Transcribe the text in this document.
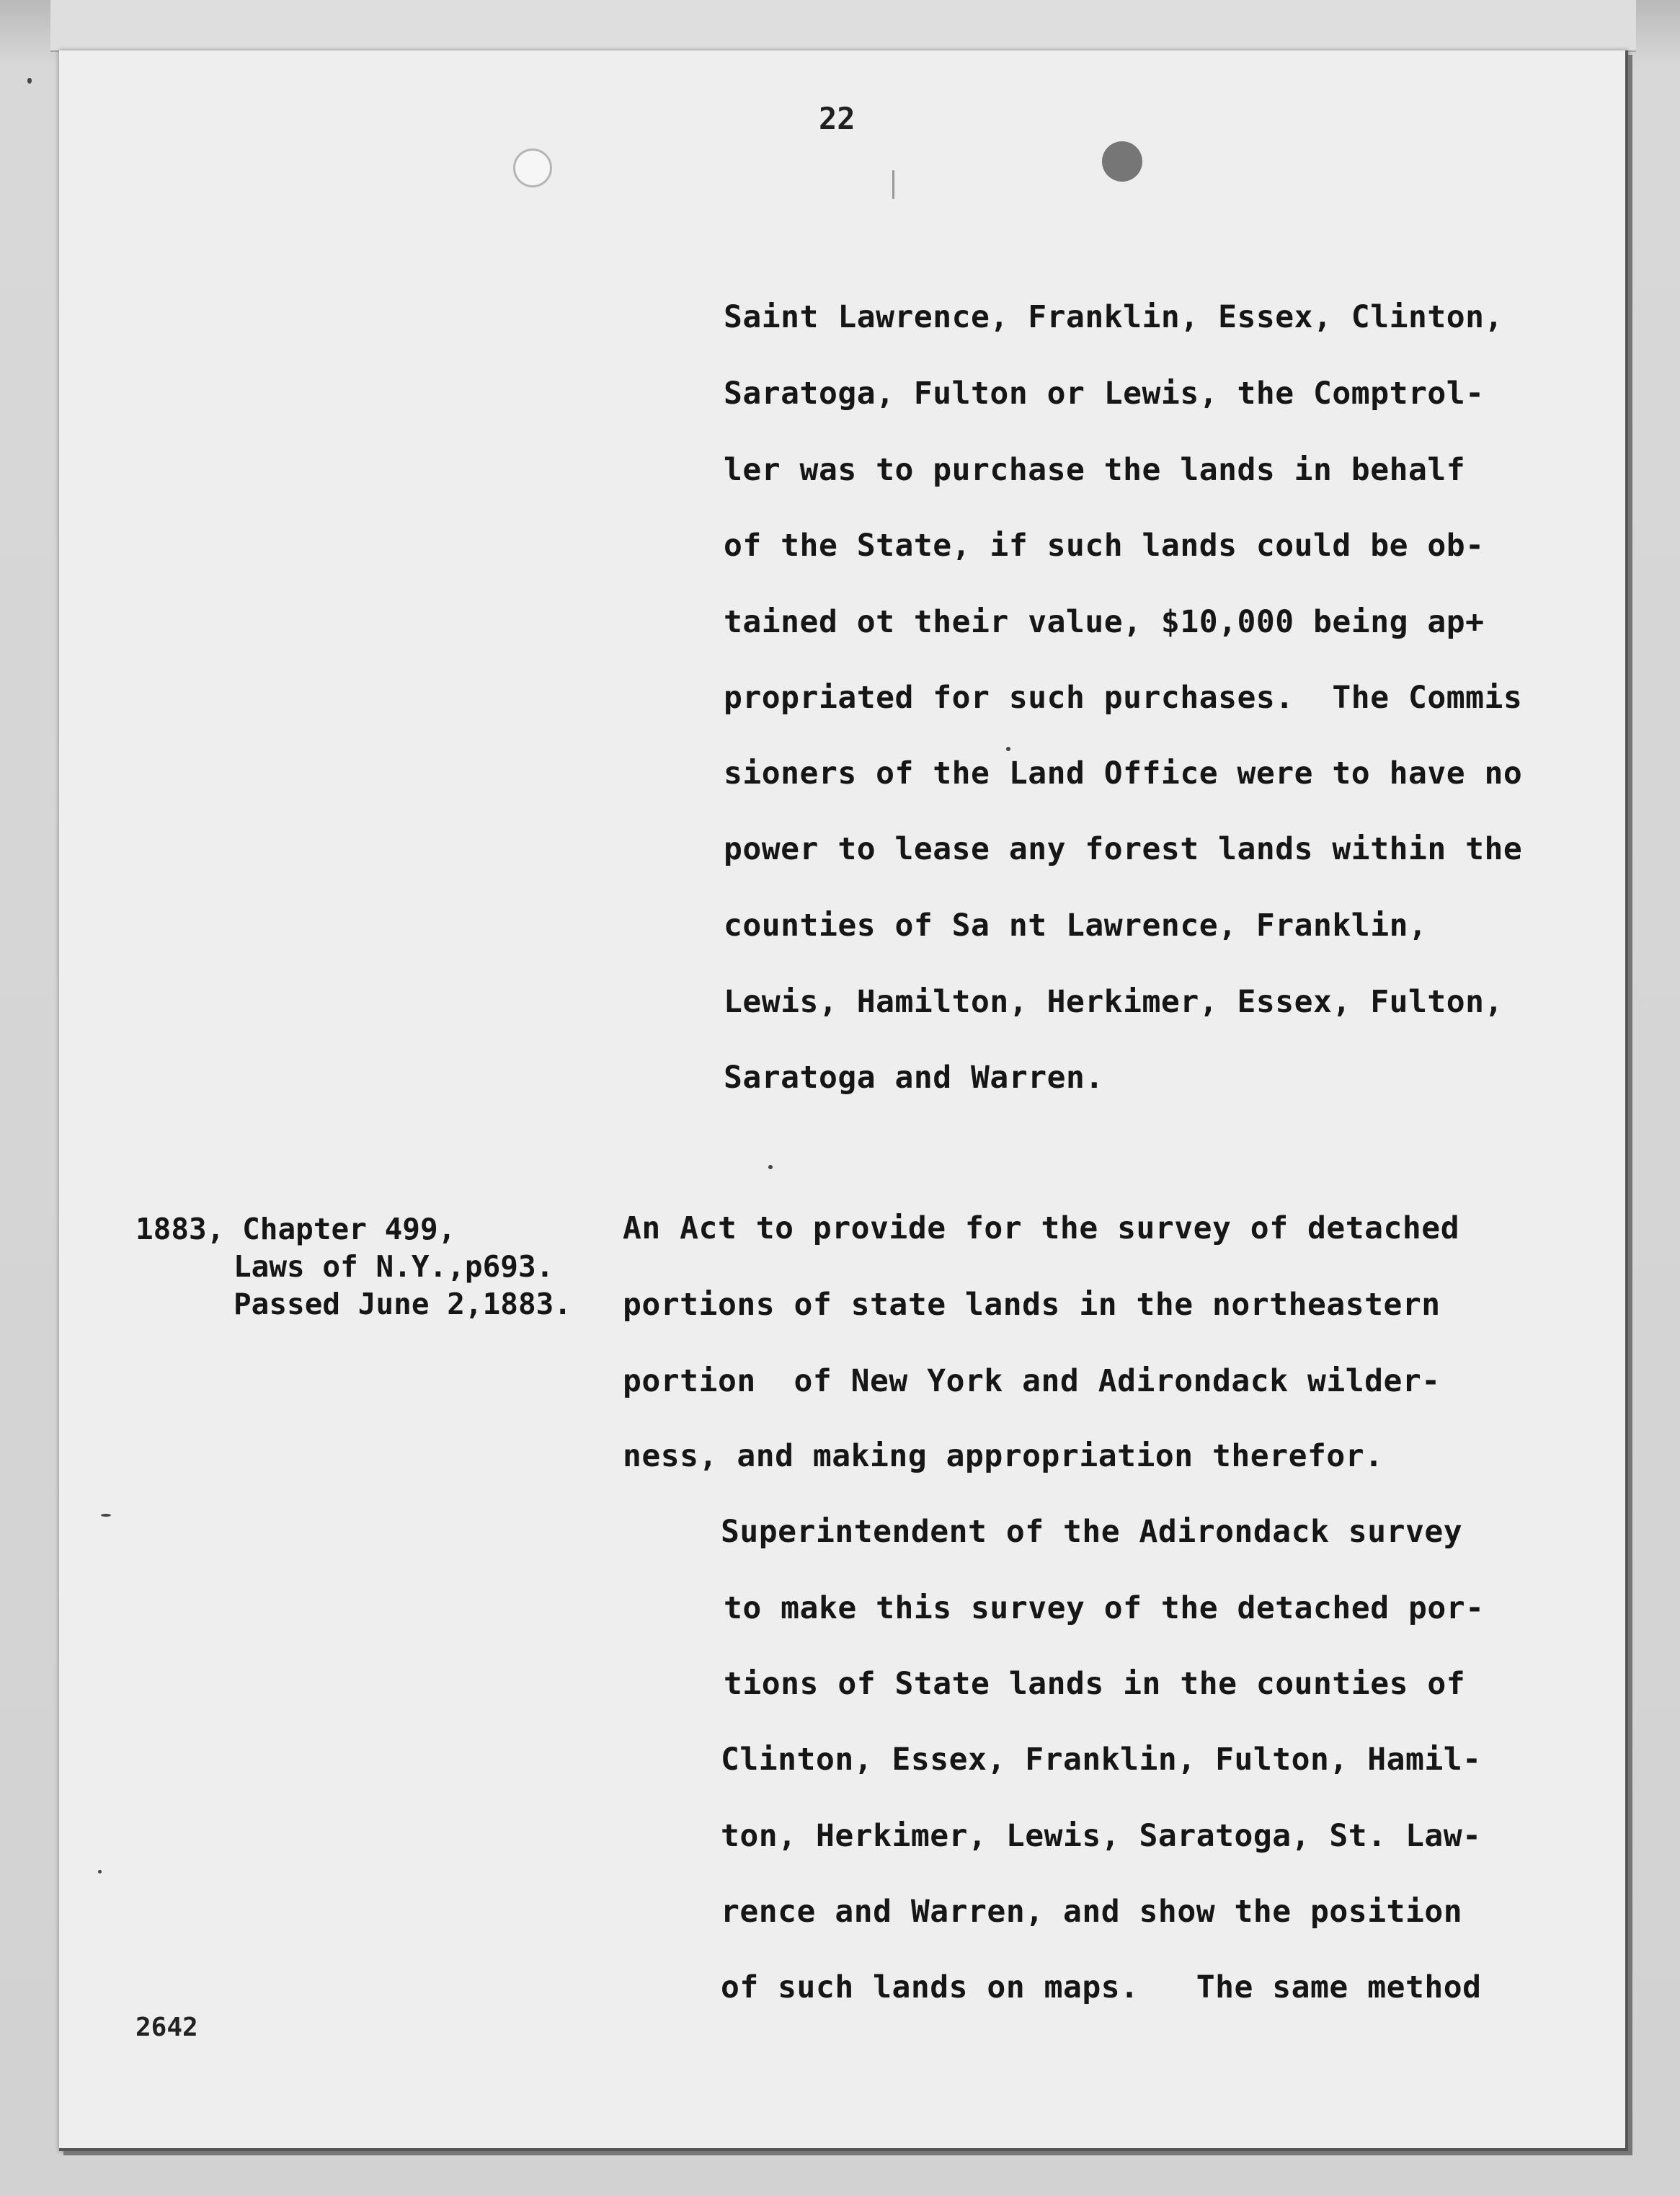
22

Saint Lawrence, Franklin, Essex, Clinton,

Saratoga, Fulton or Lewis, the Comptrol-

ler was to purchase the lands in behalf

of the State, if such lands could be ob-

tained ot their value, $10,000 being ap+

propriated for such purchases.  The Commis

sioners of the Land Office were to have no

power to lease any forest lands within the

counties of Sa nt Lawrence, Franklin,

Lewis, Hamilton, Herkimer, Essex, Fulton,

Saratoga and Warren.

1883, Chapter 499,

Laws of N.Y.,p693.

Passed June 2,1883.

An Act to provide for the survey of detached

portions of state lands in the northeastern

portion  of New York and Adirondack wilder-

ness, and making appropriation therefor.

Superintendent of the Adirondack survey

to make this survey of the detached por-

tions of State lands in the counties of

Clinton, Essex, Franklin, Fulton, Hamil-

ton, Herkimer, Lewis, Saratoga, St. Law-

rence and Warren, and show the position

of such lands on maps.   The same method

2642
